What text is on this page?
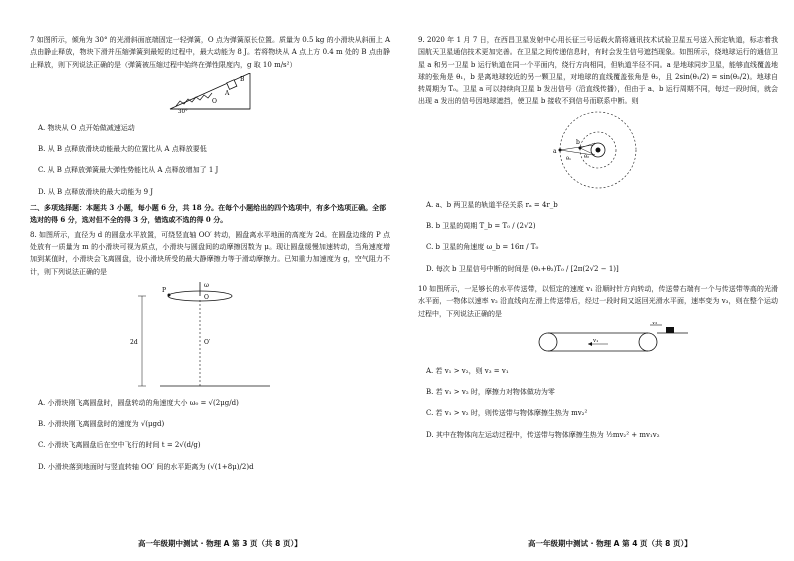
7 如图所示，倾角为 30° 的光滑斜面底端固定一轻弹簧，O 点为弹簧原长位置。质量为 0.5 kg 的小滑块从斜面上 A 点由静止释放，物块下滑并压缩弹簧到最短的过程中，最大动能为 8 J。若将物块从 A 点上方 0.4 m 处的 B 点由静止释放，则下列说法正确的是（弹簧被压缩过程中始终在弹性限度内，g 取 10 m/s²）

B
A
O
30°

A. 物块从 O 点开始做减速运动

B. 从 B 点释放滑块动能最大的位置比从 A 点释放要低

C. 从 B 点释放弹簧最大弹性势能比从 A 点释放增加了 1 J

D. 从 B 点释放滑块的最大动能为 9 J

二、多项选择题：本题共 3 小题，每小题 6 分，共 18 分。在每个小题给出的四个选项中，有多个选项正确。全部选对的得 6 分，选对但不全的得 3 分，错选或不选的得 0 分。

8. 如图所示，直径为 d 的圆盘水平放置，可绕竖直轴 OO′ 转动，圆盘离水平地面的高度为 2d。在圆盘边缘的 P 点处放有一质量为 m 的小滑块可视为质点，小滑块与圆盘间的动摩擦因数为 μ。现让圆盘缓慢加速转动，当角速度增加到某值时，小滑块会飞离圆盘，设小滑块所受的最大静摩擦力等于滑动摩擦力。已知重力加速度为 g，空气阻力不计，则下列说法正确的是

ω
P
O
O′
2d

A. 小滑块刚飞离圆盘时，圆盘转动的角速度大小 ω₀ = √(2μg/d)

B. 小滑块刚飞离圆盘时的速度为 √(μgd)

C. 小滑块飞离圆盘后在空中飞行的时间 t = 2√(d/g)

D. 小滑块落到地面时与竖直转轴 OO′ 间的水平距离为 (√(1+8μ)/2)d

高一年级期中测试 · 物理 A 第 3 页（共 8 页）】

9. 2020 年 1 月 7 日，在西昌卫星发射中心用长征三号运载火箭将通讯技术试验卫星五号送入预定轨道，标志着我国航天卫星通信技术更加完善。在卫星之间传递信息时，有时会发生信号遮挡现象。如图所示，绕地球运行的通信卫星 a 和另一卫星 b 运行轨道在同一个平面内，绕行方向相同，但轨道半径不同。a 是地球同步卫星，能够直线覆盖地球的张角是 θ₁，b 是离地球较近的另一颗卫星，对地球的直线覆盖张角是 θ₂，且 2sin(θ₁/2) = sin(θ₂/2)。地球自转周期为 T₀。卫星 a 可以持续向卫星 b 发出信号（沿直线传播），但由于 a、b 运行周期不同，每过一段时间，就会出现 a 发出的信号因地球遮挡，使卫星 b 接收不到信号而联系中断。则

a
b
θ₁	θ₂

A. a、b 两卫星的轨道半径关系 rₐ = 4r_b

B. b 卫星的周期 T_b = T₀ / (2√2)

C. b 卫星的角速度 ω_b = 16π / T₀

D. 每次 b 卫星信号中断的时间是 (θ₁+θ₂)T₀ / [2π(2√2 − 1)]

10 如图所示，一足够长的水平传送带，以恒定的速度 v₁ 沿顺时针方向转动，传送带右端有一个与传送带等高的光滑水平面，一物体以速率 v₂ 沿直线向左滑上传送带后，经过一段时间又返回光滑水平面，速率变为 v₃，则在整个运动过程中，下列说法正确的是

v₁
v₂

A. 若 v₁ > v₂，则 v₃ = v₁

B. 若 v₁ > v₂ 时，摩擦力对物体做功为零

C. 若 v₁ > v₂ 时，则传送带与物体摩擦生热为 mv₂²

D. 其中在物体向左运动过程中，传送带与物体摩擦生热为 ½mv₂² + mv₁v₂

高一年级期中测试 · 物理 A 第 4 页（共 8 页）】
